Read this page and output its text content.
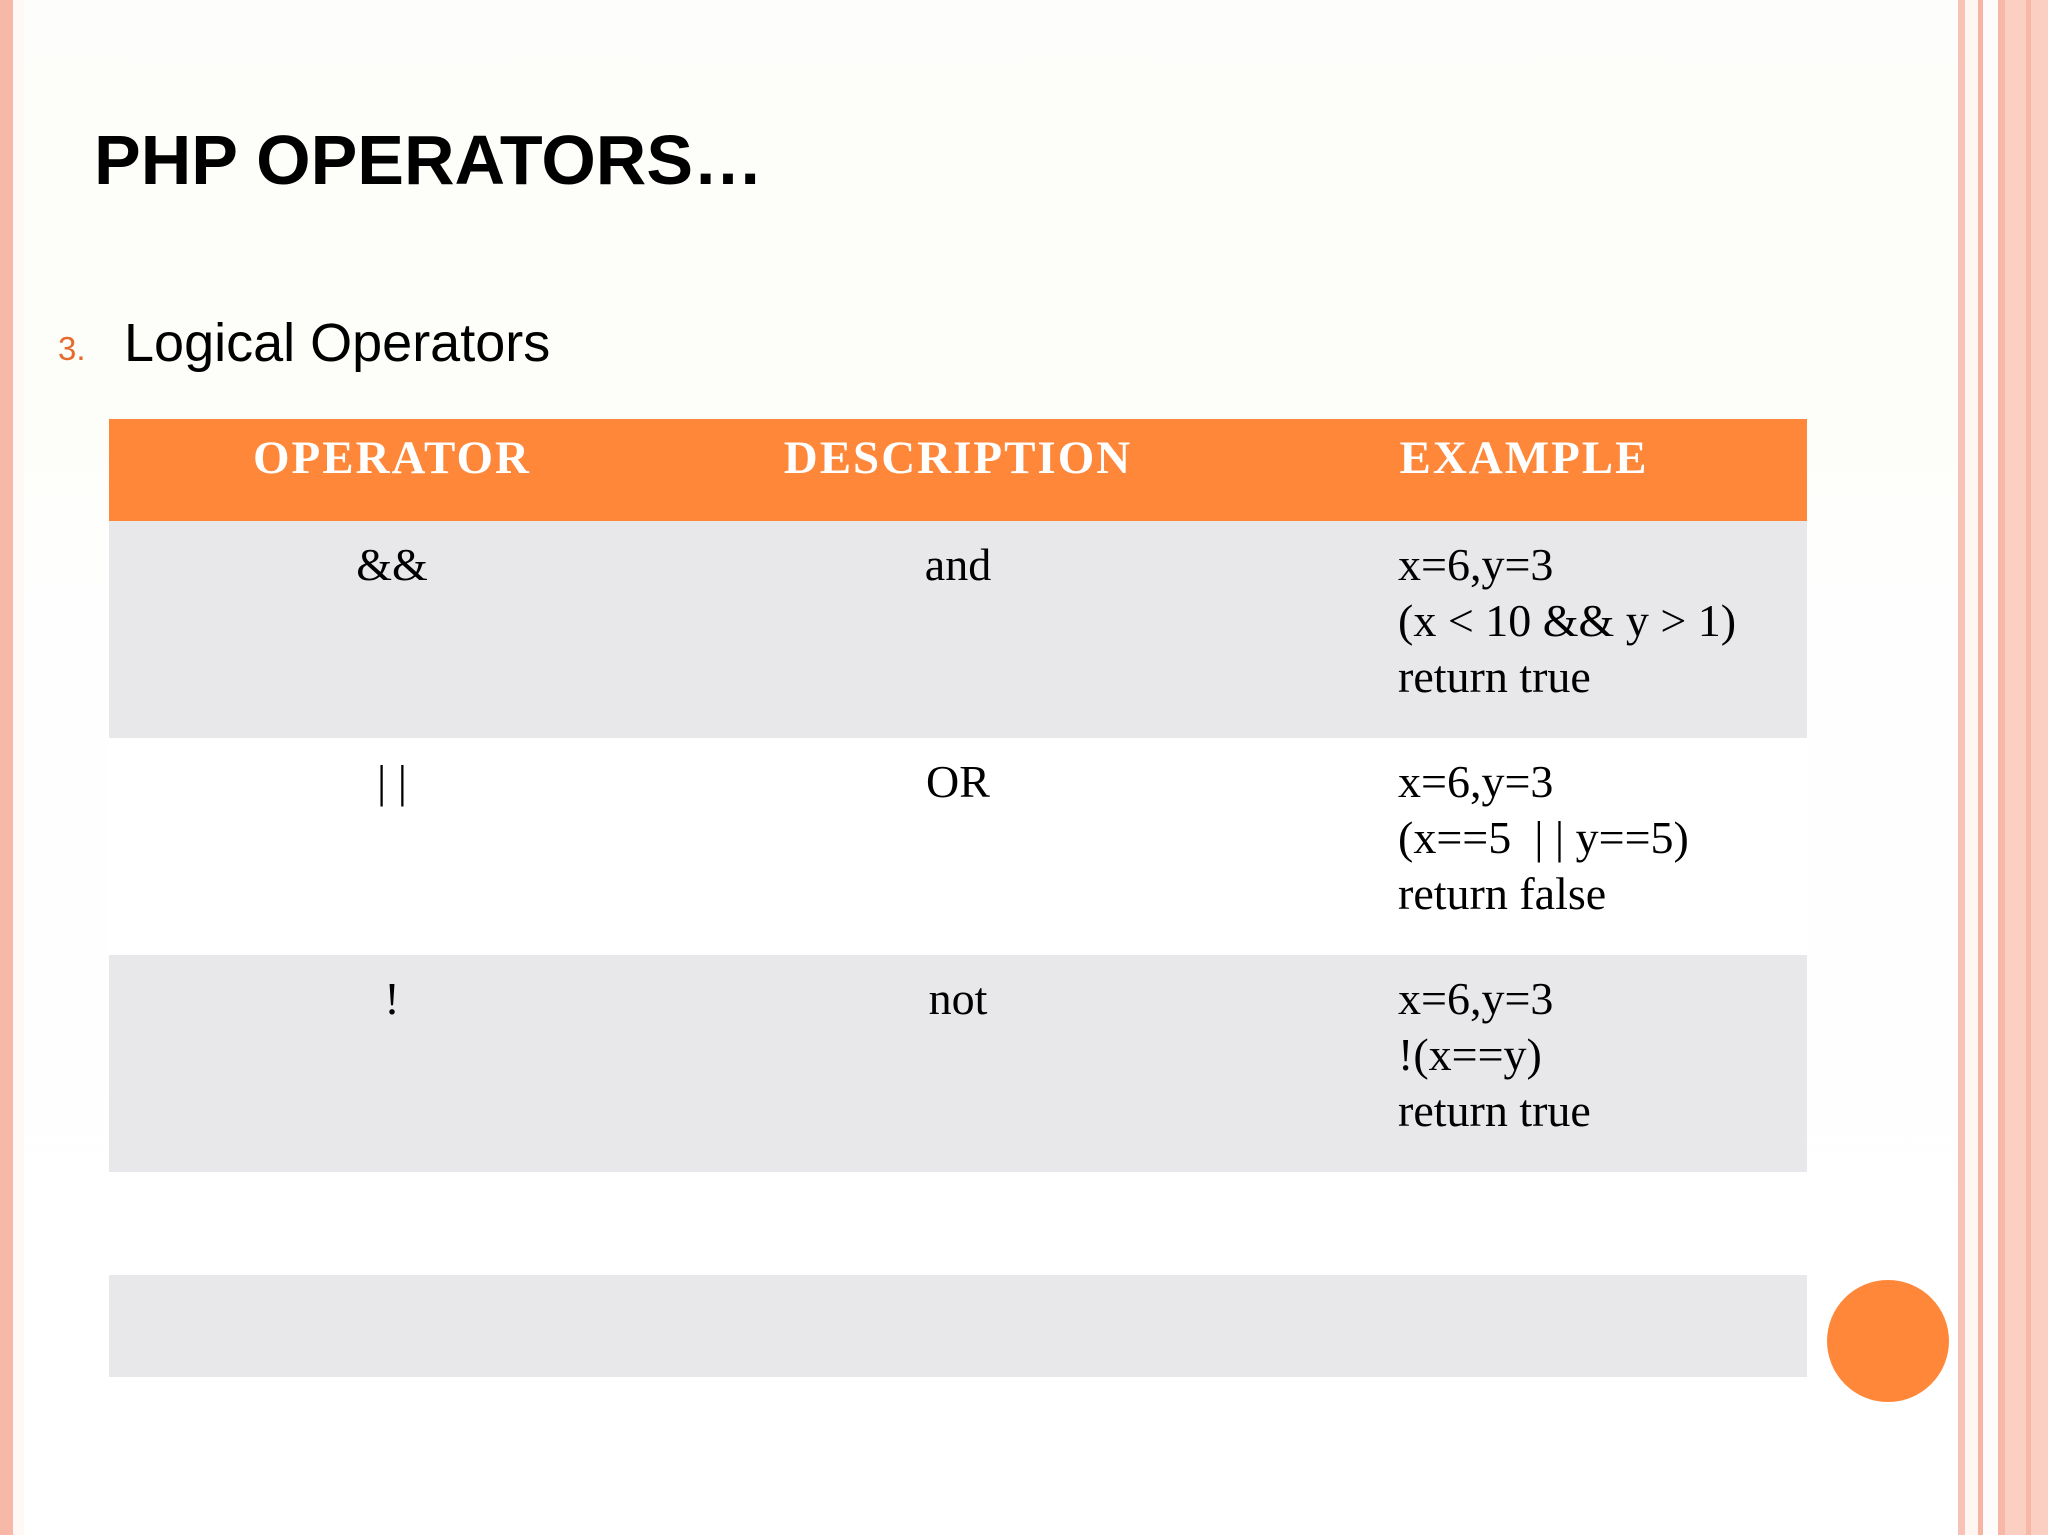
PHP OPERATORS…
3. Logical Operators
OPERATOR	DESCRIPTION	EXAMPLE
&&	and	x=6,y=3
(x < 10 && y > 1)
return true

| |	OR	x=6,y=3
(x==5  | | y==5)
return false

!	not	x=6,y=3
!(x==y)
return true
